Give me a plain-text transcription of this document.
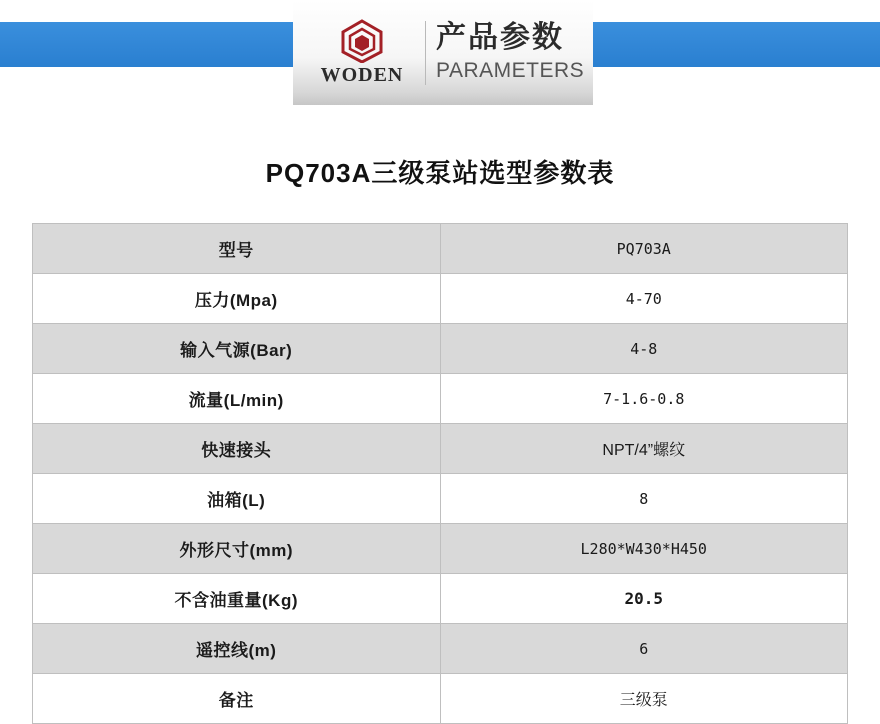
WODEN
产品参数
PARAMETERS
PQ703A三级泵站选型参数表
型号	PQ703A
压力(Mpa)	4-70
输入气源(Bar)	4-8
流量(L/min)	7-1.6-0.8
快速接头	NPT/4”螺纹
油箱(L)	8
外形尺寸(mm)	L280*W430*H450
不含油重量(Kg)	20.5
遥控线(m)	6
备注	三级泵
